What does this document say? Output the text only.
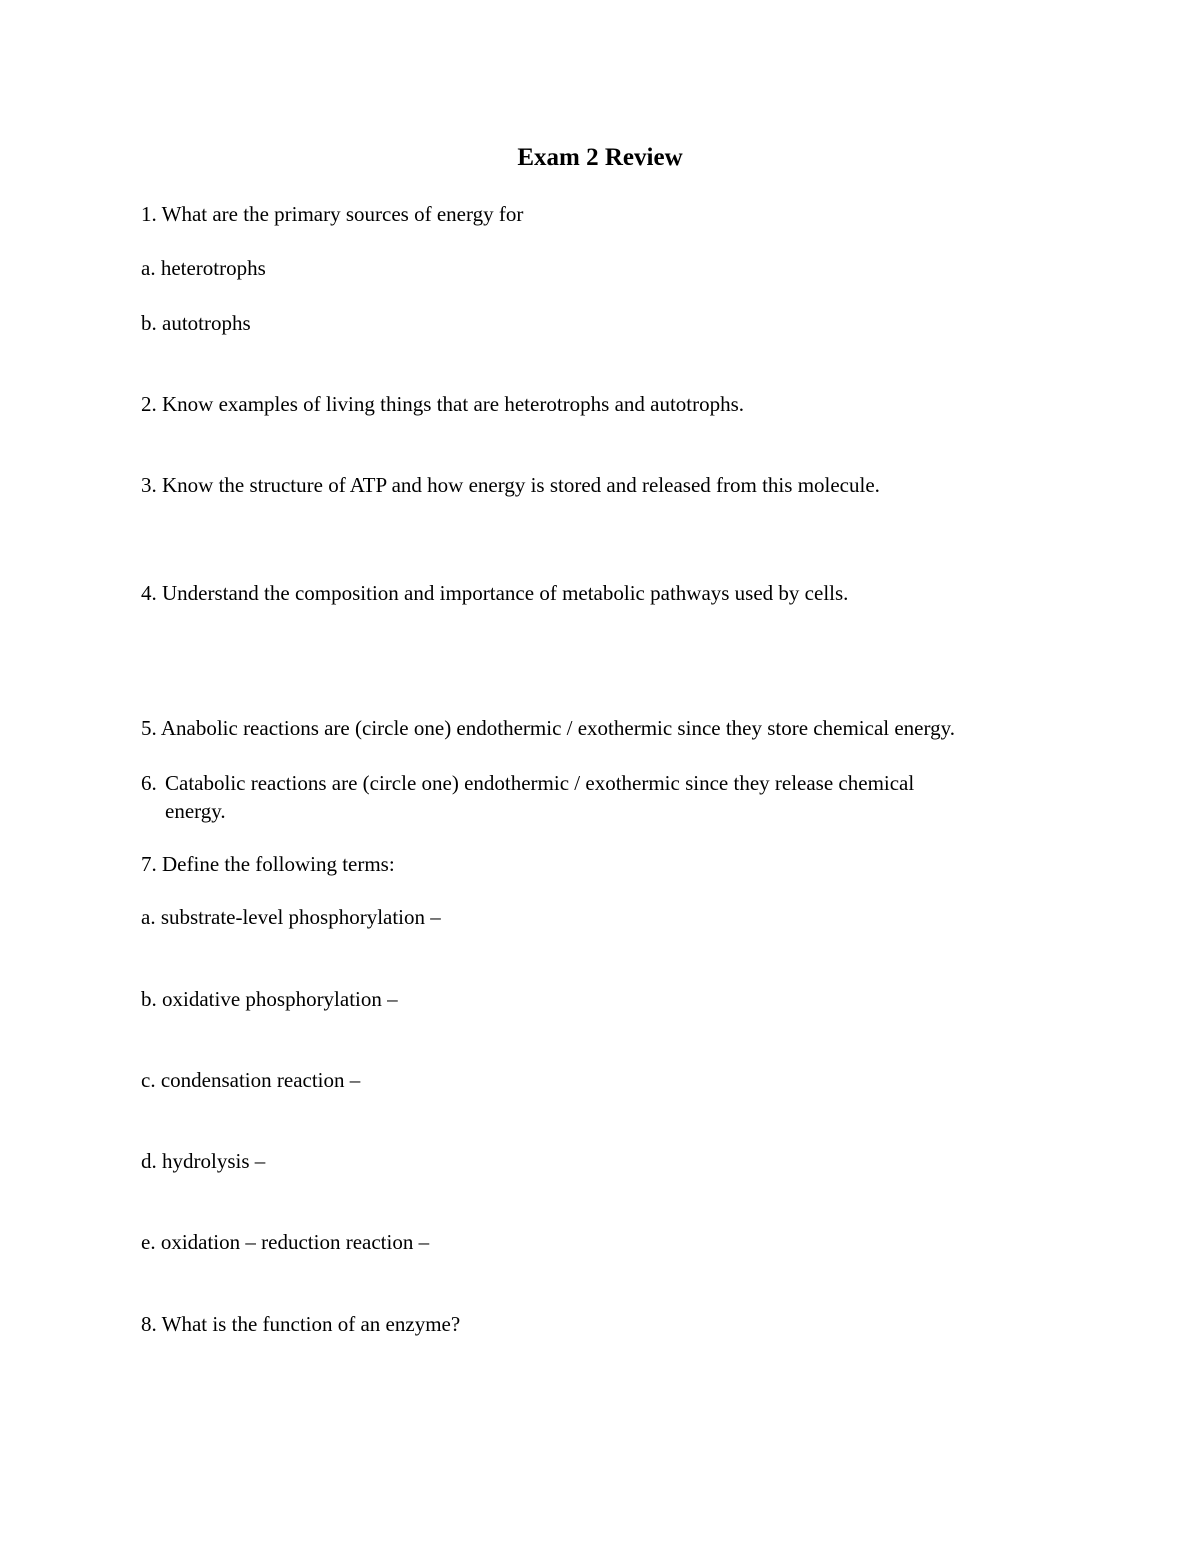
Exam 2 Review
1. What are the primary sources of energy for
a. heterotrophs
b. autotrophs
2. Know examples of living things that are heterotrophs and autotrophs.
3. Know the structure of ATP and how energy is stored and released from this molecule.
4. Understand the composition and importance of metabolic pathways used by cells.
5. Anabolic reactions are (circle one) endothermic / exothermic since they store chemical energy.
6. Catabolic reactions are (circle one) endothermic / exothermic since they release chemical
energy.
7. Define the following terms:
a. substrate-level phosphorylation –
b. oxidative phosphorylation –
c. condensation reaction –
d. hydrolysis –
e. oxidation – reduction reaction –
8. What is the function of an enzyme?
